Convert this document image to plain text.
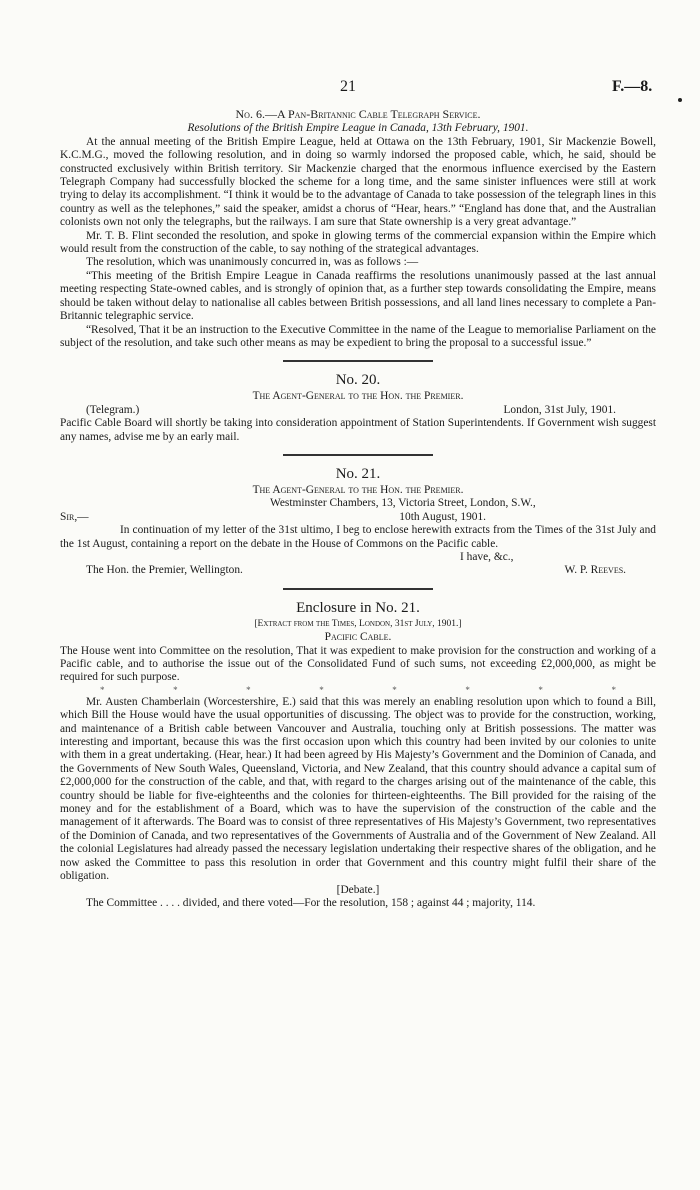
21	F.—8.

No. 6.—A Pan-Britannic Cable Telegraph Service.

Resolutions of the British Empire League in Canada, 13th February, 1901.

At the annual meeting of the British Empire League, held at Ottawa on the 13th February, 1901, Sir Mackenzie Bowell, K.C.M.G., moved the following resolution, and in doing so warmly indorsed the proposed cable, which, he said, should be constructed exclusively within British territory. Sir Mackenzie charged that the enormous influence exercised by the Eastern Telegraph Company had successfully blocked the scheme for a long time, and the same sinister influences were still at work trying to delay its accomplishment. “I think it would be to the advantage of Canada to take possession of the telegraph lines in this country as well as the telephones,” said the speaker, amidst a chorus of “Hear, hears.” “England has done that, and the Australian colonists own not only the telegraphs, but the railways. I am sure that State ownership is a very great advantage.”

Mr. T. B. Flint seconded the resolution, and spoke in glowing terms of the commercial expansion within the Empire which would result from the construction of the cable, to say nothing of the strategical advantages.

The resolution, which was unanimously concurred in, was as follows :—

“This meeting of the British Empire League in Canada reaffirms the resolutions unanimously passed at the last annual meeting respecting State-owned cables, and is strongly of opinion that, as a further step towards consolidating the Empire, means should be taken without delay to nationalise all cables between British possessions, and all land lines necessary to complete a Pan-Britannic telegraphic service.

“Resolved, That it be an instruction to the Executive Committee in the name of the League to memorialise Parliament on the subject of the resolution, and take such other means as may be expedient to bring the proposal to a successful issue.”

No. 20.

The Agent-General to the Hon. the Premier.

(Telegram.)	London, 31st July, 1901.

Pacific Cable Board will shortly be taking into consideration appointment of Station Superintendents. If Government wish suggest any names, advise me by an early mail.

No. 21.

The Agent-General to the Hon. the Premier.

Westminster Chambers, 13, Victoria Street, London, S.W.,

Sir,—	10th August, 1901.

In continuation of my letter of the 31st ultimo, I beg to enclose herewith extracts from the Times of the 31st July and the 1st August, containing a report on the debate in the House of Commons on the Pacific cable.

I have, &c.,

The Hon. the Premier, Wellington.	W. P. Reeves.

Enclosure in No. 21.

[Extract from the Times, London, 31st July, 1901.]

Pacific Cable.

The House went into Committee on the resolution, That it was expedient to make provision for the construction and working of a Pacific cable, and to authorise the issue out of the Consolidated Fund of such sums, not exceeding £2,000,000, as might be required for such purpose.

*	*	*	*	*	*	*	*

Mr. Austen Chamberlain (Worcestershire, E.) said that this was merely an enabling resolution upon which to found a Bill, which Bill the House would have the usual opportunities of discussing. The object was to provide for the construction, working, and maintenance of a British cable between Vancouver and Australia, touching only at British possessions. The matter was interesting and important, because this was the first occasion upon which this country had been invited by our colonies to unite with them in a great undertaking. (Hear, hear.) It had been agreed by His Majesty’s Government and the Dominion of Canada, and the Governments of New South Wales, Queensland, Victoria, and New Zealand, that this country should advance a capital sum of £2,000,000 for the construction of the cable, and that, with regard to the charges arising out of the maintenance of the cable, this country should be liable for five-eighteenths and the colonies for thirteen-eighteenths. The Bill provided for the raising of the money and for the establishment of a Board, which was to have the supervision of the construction of the cable and the management of it afterwards. The Board was to consist of three representatives of His Majesty’s Government, two representatives of the Dominion of Canada, and two representatives of the Governments of Australia and of the Government of New Zealand. All the colonial Legislatures had already passed the necessary legislation undertaking their respective shares of the obligation, and he now asked the Committee to pass this resolution in order that Government and this country might fulfil their share of the obligation.

[Debate.]

The Committee . . . . divided, and there voted—For the resolution, 158 ; against 44 ; majority, 114.
